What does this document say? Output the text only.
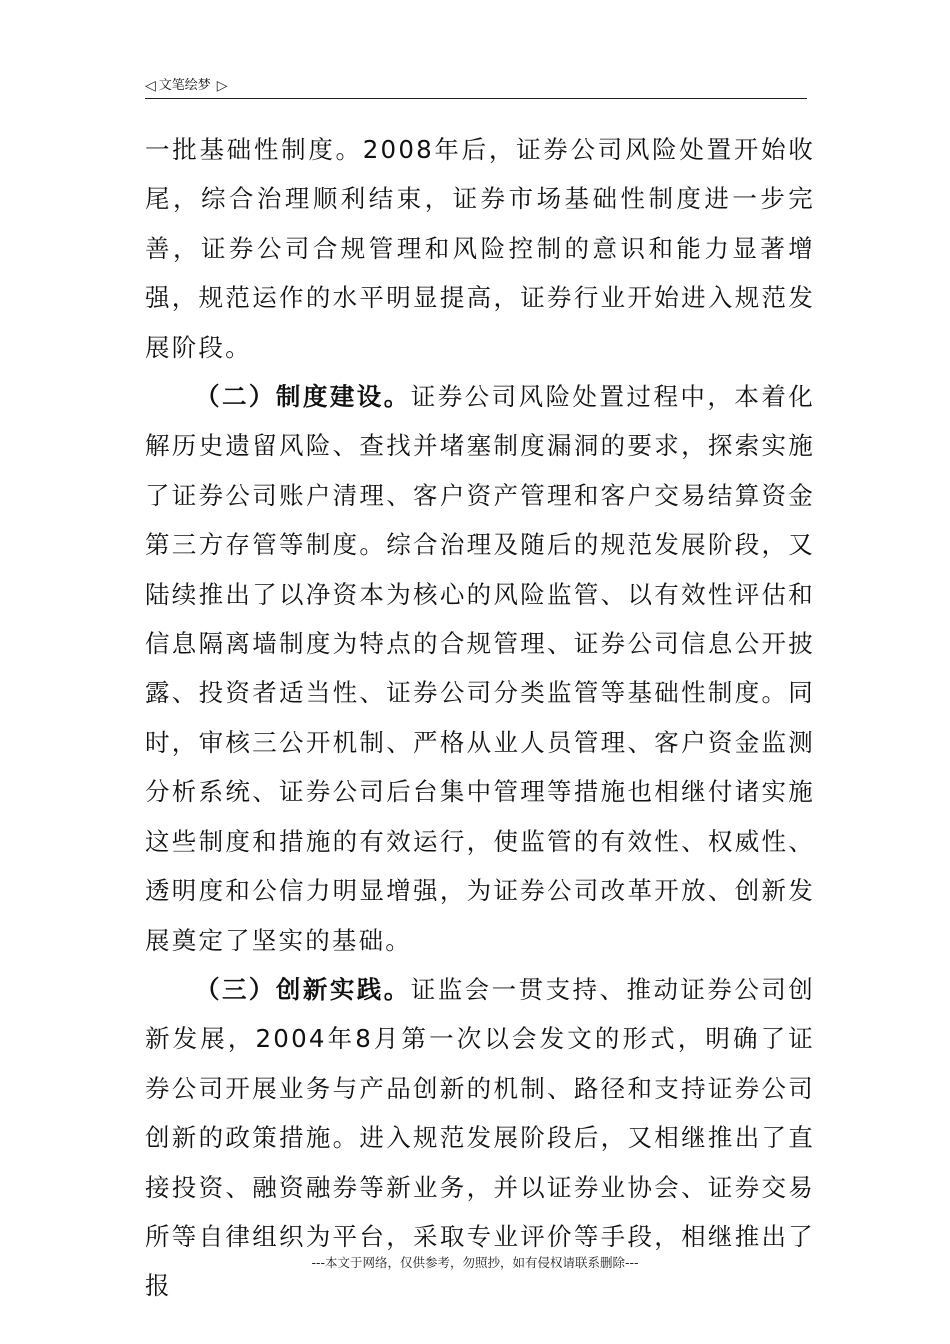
◁ 文笔绘梦 ▷

一批基础性制度。2008年后，证券公司风险处置开始收尾，综合治理顺利结束，证券市场基础性制度进一步完善，证券公司合规管理和风险控制的意识和能力显著增强，规范运作的水平明显提高，证券行业开始进入规范发展阶段。

（二）制度建设。证券公司风险处置过程中，本着化解历史遗留风险、查找并堵塞制度漏洞的要求，探索实施了证券公司账户清理、客户资产管理和客户交易结算资金第三方存管等制度。综合治理及随后的规范发展阶段，又陆续推出了以净资本为核心的风险监管、以有效性评估和信息隔离墙制度为特点的合规管理、证券公司信息公开披露、投资者适当性、证券公司分类监管等基础性制度。同时，审核三公开机制、严格从业人员管理、客户资金监测分析系统、证券公司后台集中管理等措施也相继付诸实施这些制度和措施的有效运行，使监管的有效性、权威性、透明度和公信力明显增强，为证券公司改革开放、创新发展奠定了坚实的基础。

（三）创新实践。证监会一贯支持、推动证券公司创新发展，2004年8月第一次以会发文的形式，明确了证券公司开展业务与产品创新的机制、路径和支持证券公司创新的政策措施。进入规范发展阶段后，又相继推出了直接投资、融资融券等新业务，并以证券业协会、证券交易所等自律组织为平台，采取专业评价等手段，相继推出了报

---本文于网络，仅供参考，勿照抄，如有侵权请联系删除---
